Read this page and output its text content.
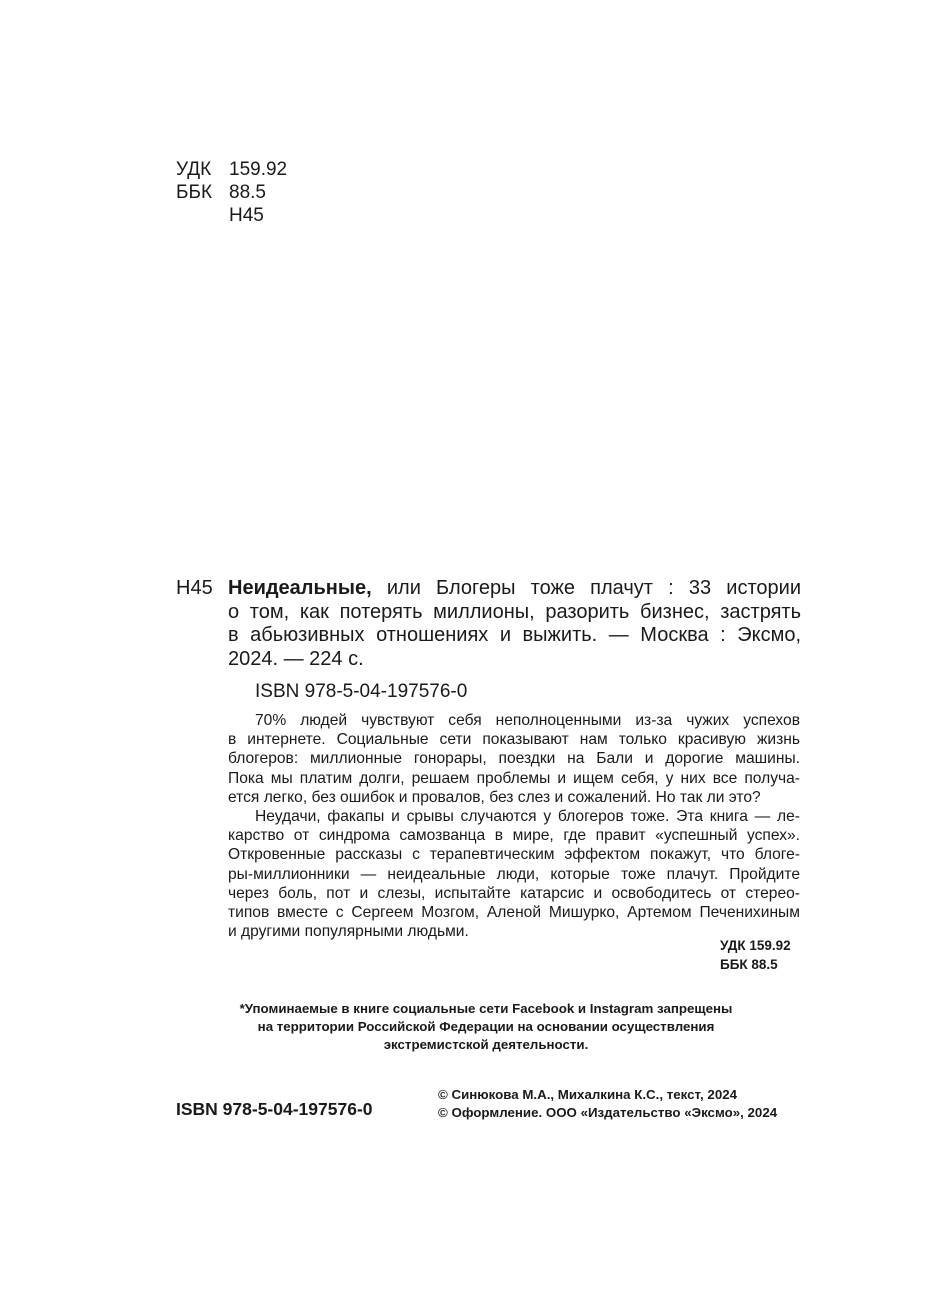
УДК 159.92
ББК 88.5
Н45
Н45 Неидеальные, или Блогеры тоже плачут : 33 истории
о том, как потерять миллионы, разорить бизнес, застрять
в абьюзивных отношениях и выжить. — Москва : Эксмо,
2024. — 224 с.
ISBN 978-5-04-197576-0
70% людей чувствуют себя неполноценными из-за чужих успехов
в интернете. Социальные сети показывают нам только красивую жизнь
блогеров: миллионные гонорары, поездки на Бали и дорогие машины.
Пока мы платим долги, решаем проблемы и ищем себя, у них все получа-
ется легко, без ошибок и провалов, без слез и сожалений. Но так ли это?
Неудачи, факапы и срывы случаются у блогеров тоже. Эта книга — ле-
карство от синдрома самозванца в мире, где правит «успешный успех».
Откровенные рассказы с терапевтическим эффектом покажут, что блоге-
ры-миллионники — неидеальные люди, которые тоже плачут. Пройдите
через боль, пот и слезы, испытайте катарсис и освободитесь от стерео-
типов вместе с Сергеем Мозгом, Аленой Мишурко, Артемом Печенихиным
и другими популярными людьми.
УДК 159.92
ББК 88.5
*Упоминаемые в книге социальные сети Facebook и Instagram запрещены
на территории Российской Федерации на основании осуществления
экстремистской деятельности.
ISBN 978-5-04-197576-0
© Синюкова М.А., Михалкина К.С., текст, 2024
© Оформление. ООО «Издательство «Эксмо», 2024
